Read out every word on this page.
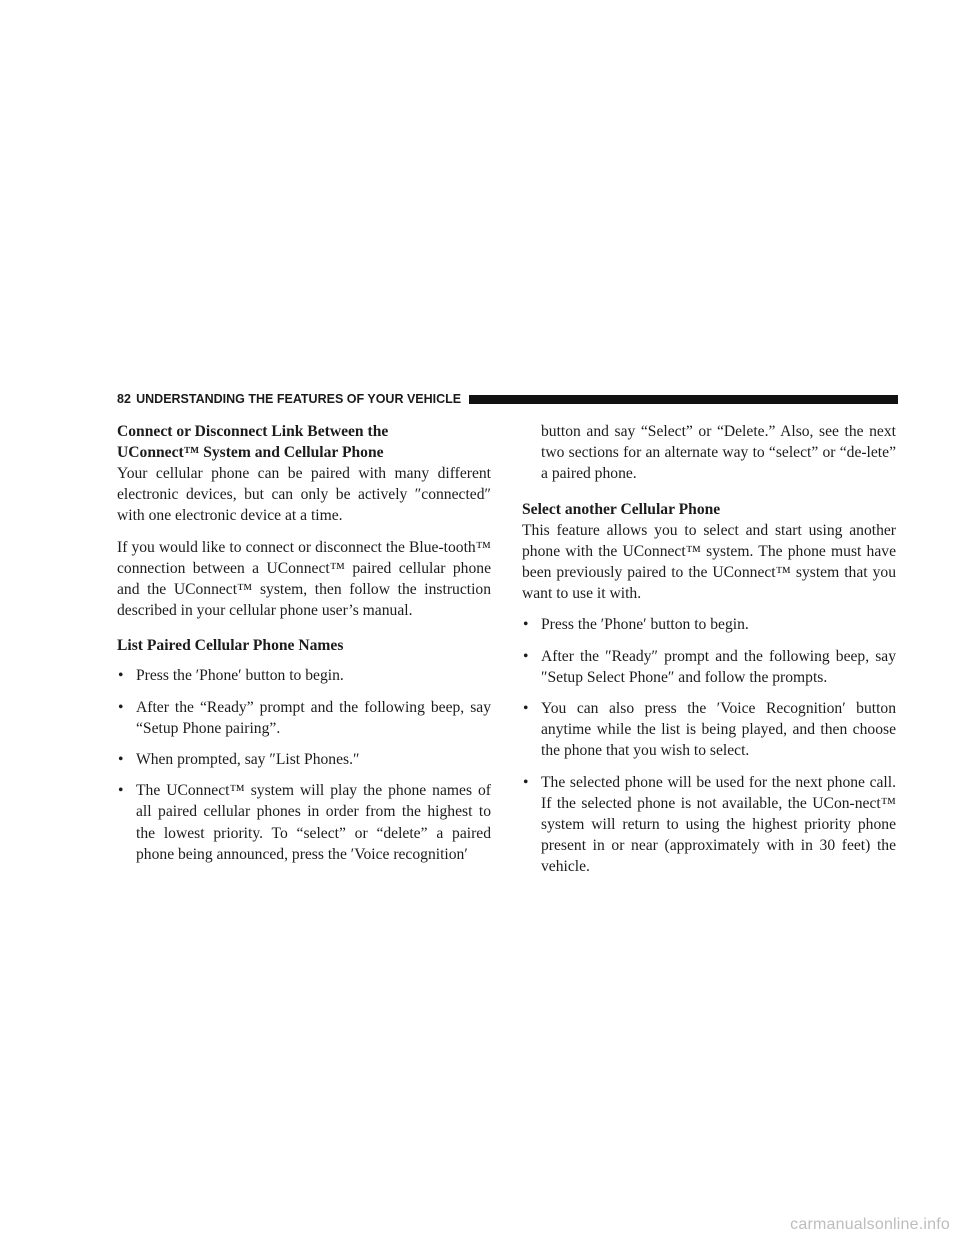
82 UNDERSTANDING THE FEATURES OF YOUR VEHICLE
Connect or Disconnect Link Between the
UConnect™ System and Cellular Phone

Your cellular phone can be paired with many different electronic devices, but can only be actively ″connected″ with one electronic device at a time.

If you would like to connect or disconnect the Blue-tooth™ connection between a UConnect™ paired cellular phone and the UConnect™ system, then follow the instruction described in your cellular phone user’s manual.

List Paired Cellular Phone Names
• Press the ′Phone′ button to begin.
• After the “Ready” prompt and the following beep, say “Setup Phone pairing”.
• When prompted, say ″List Phones.″
• The UConnect™ system will play the phone names of all paired cellular phones in order from the highest to the lowest priority. To “select” or “delete” a paired phone being announced, press the ′Voice recognition′
button and say “Select” or “Delete.” Also, see the next two sections for an alternate way to “select” or “de-lete” a paired phone.
Select another Cellular Phone

This feature allows you to select and start using another phone with the UConnect™ system. The phone must have been previously paired to the UConnect™ system that you want to use it with.

• Press the ′Phone′ button to begin.
• After the ″Ready″ prompt and the following beep, say ″Setup Select Phone″ and follow the prompts.
• You can also press the ′Voice Recognition′ button anytime while the list is being played, and then choose the phone that you wish to select.
• The selected phone will be used for the next phone call. If the selected phone is not available, the UCon-nect™ system will return to using the highest priority phone present in or near (approximately with in 30 feet) the vehicle.
carmanualsonline.info
